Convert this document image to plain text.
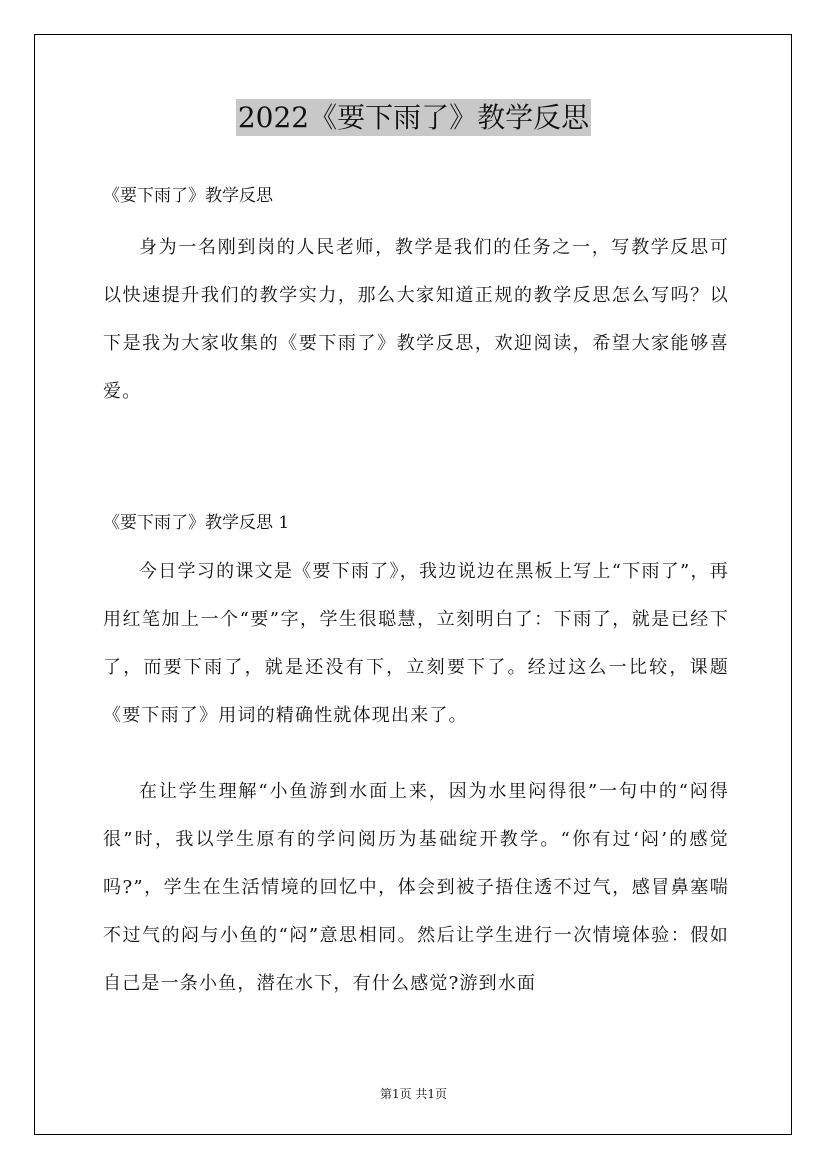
2022《要下雨了》教学反思
《要下雨了》教学反思
身为一名刚到岗的人民老师，教学是我们的任务之一，写教学反思可以快速提升我们的教学实力，那么大家知道正规的教学反思怎么写吗？以下是我为大家收集的《要下雨了》教学反思，欢迎阅读，希望大家能够喜爱。
《要下雨了》教学反思 1
今日学习的课文是《要下雨了》，我边说边在黑板上写上“下雨了”，再用红笔加上一个“要”字，学生很聪慧，立刻明白了：下雨了，就是已经下了，而要下雨了，就是还没有下，立刻要下了。经过这么一比较，课题《要下雨了》用词的精确性就体现出来了。
在让学生理解“小鱼游到水面上来，因为水里闷得很”一句中的“闷得很”时，我以学生原有的学问阅历为基础绽开教学。“你有过‘闷’的感觉吗?”，学生在生活情境的回忆中，体会到被子捂住透不过气，感冒鼻塞喘不过气的闷与小鱼的“闷”意思相同。然后让学生进行一次情境体验：假如自己是一条小鱼，潜在水下，有什么感觉?游到水面
第1页 共1页
